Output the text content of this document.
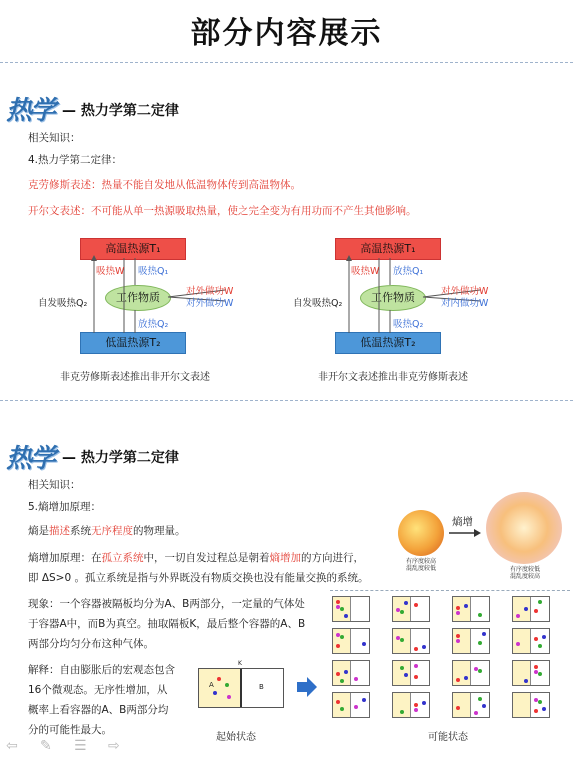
部分内容展示
热学 — 热力学第二定律
相关知识：
4.热力学第二定律：
克劳修斯表述：热量不能自发地从低温物体传到高温物体。
开尔文表述：不可能从单一热源吸取热量，使之完全变为有用功而不产生其他影响。
高温热源T₁
低温热源T₂
工作物质
吸热W 吸热Q₁
对外做功W
对外做功W
放热Q₂
自发吸热Q₂
非克劳修斯表述推出非开尔文表述
高温热源T₁
低温热源T₂
工作物质
吸热W 放热Q₁
对外做功W
对内做功W
吸热Q₂
自发吸热Q₂
非开尔文表述推出非克劳修斯表述
热学 — 热力学第二定律
相关知识：
5.熵增加原理：
熵是描述系统无序程度的物理量。
熵增加原理：在孤立系统中，一切自发过程总是朝着熵增加的方向进行，
即 ΔS>0 。孤立系统是指与外界既没有物质交换也没有能量交换的系统。
现象：一个容器被隔板均分为A、B两部分，一定量的气体处
于容器A中，而B为真空。抽取隔板K，最后整个容器的A、B
两部分均匀分布这种气体。
解释：自由膨胀后的宏观态包含
16个微观态。无序性增加，从
概率上看容器的A、B两部分均
分的可能性最大。
熵增
有序度较高
混乱度较低	有序度较低
混乱度较高
A	B
K
起始状态	可能状态
⇦ ✎ ☰ ⇨
